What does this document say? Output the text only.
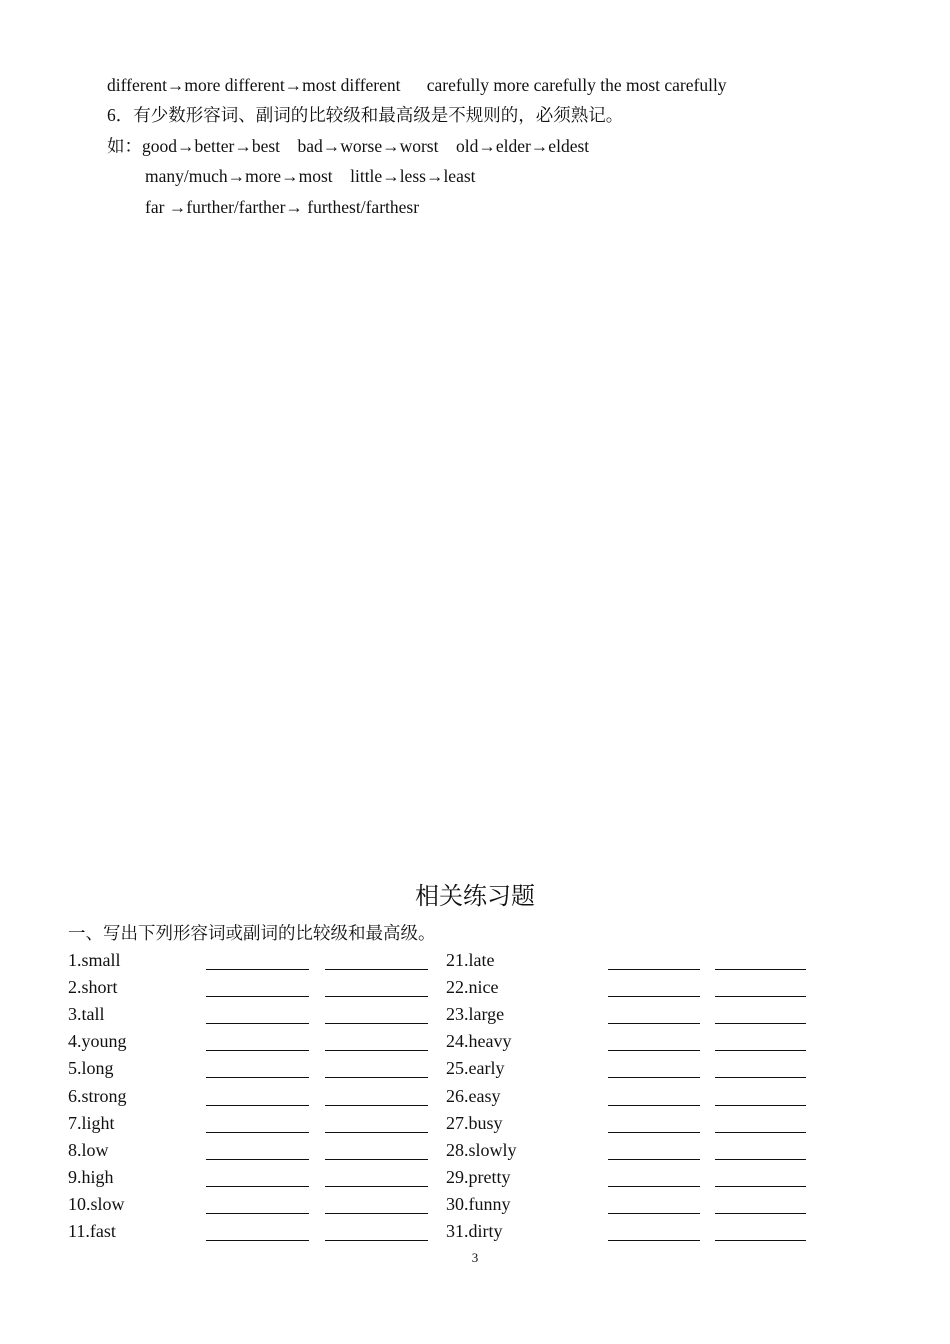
different→more different→most different      carefully more carefully the most carefully
6．有少数形容词、副词的比较级和最高级是不规则的，必须熟记。
如：good→better→best    bad→worse→worst    old→elder→eldest
many/much→more→most    little→less→least
far →further/farther→ furthest/farthesr
相关练习题
一、写出下列形容词或副词的比较级和最高级。
1.small	21.late
2.short	22.nice
3.tall	23.large
4.young	24.heavy
5.long	25.early
6.strong	26.easy
7.light	27.busy
8.low	28.slowly
9.high	29.pretty
10.slow	30.funny
11.fast	31.dirty
3
